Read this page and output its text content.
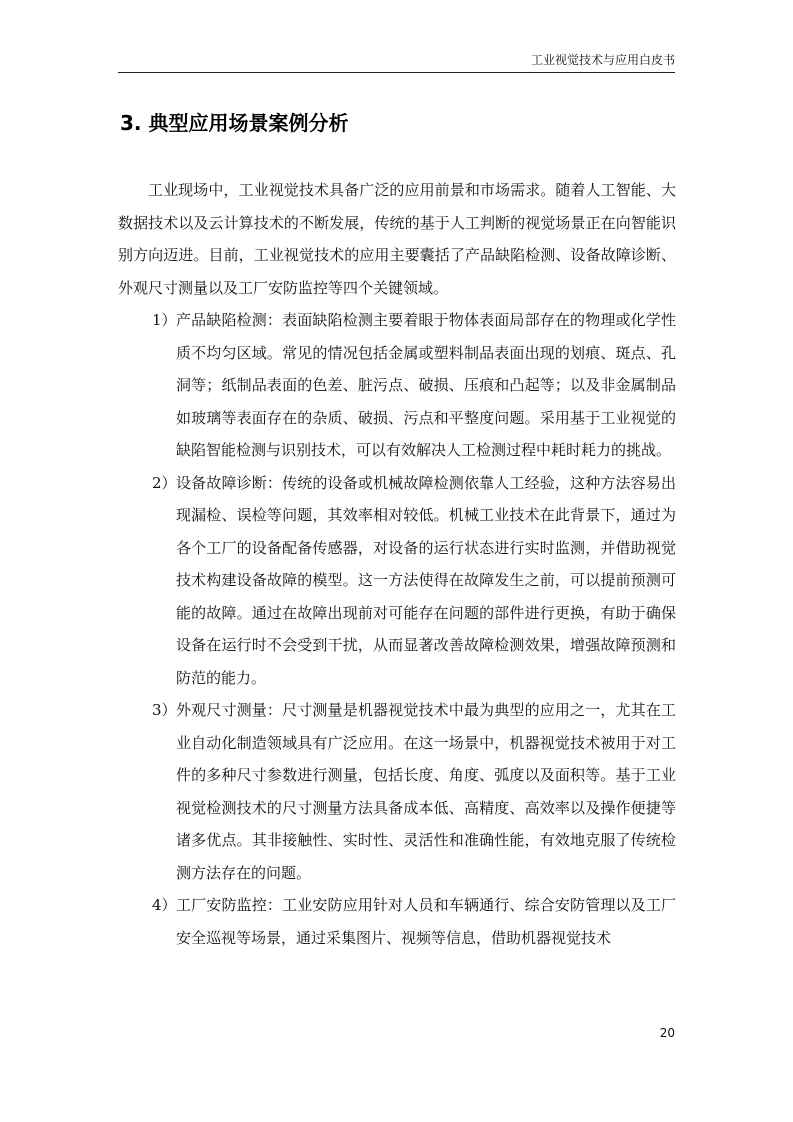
工业视觉技术与应用白皮书
3. 典型应用场景案例分析

工业现场中，工业视觉技术具备广泛的应用前景和市场需求。随着人工智能、大数据技术以及云计算技术的不断发展，传统的基于人工判断的视觉场景正在向智能识别方向迈进。目前，工业视觉技术的应用主要囊括了产品缺陷检测、设备故障诊断、外观尺寸测量以及工厂安防监控等四个关键领域。

1） 产品缺陷检测：表面缺陷检测主要着眼于物体表面局部存在的物理或化学性质不均匀区域。常见的情况包括金属或塑料制品表面出现的划痕、斑点、孔洞等；纸制品表面的色差、脏污点、破损、压痕和凸起等；以及非金属制品如玻璃等表面存在的杂质、破损、污点和平整度问题。采用基于工业视觉的缺陷智能检测与识别技术，可以有效解决人工检测过程中耗时耗力的挑战。
2） 设备故障诊断：传统的设备或机械故障检测依靠人工经验，这种方法容易出现漏检、误检等问题，其效率相对较低。机械工业技术在此背景下，通过为各个工厂的设备配备传感器，对设备的运行状态进行实时监测，并借助视觉技术构建设备故障的模型。这一方法使得在故障发生之前，可以提前预测可能的故障。通过在故障出现前对可能存在问题的部件进行更换，有助于确保设备在运行时不会受到干扰，从而显著改善故障检测效果，增强故障预测和防范的能力。
3） 外观尺寸测量：尺寸测量是机器视觉技术中最为典型的应用之一，尤其在工业自动化制造领域具有广泛应用。在这一场景中，机器视觉技术被用于对工件的多种尺寸参数进行测量，包括长度、角度、弧度以及面积等。基于工业视觉检测技术的尺寸测量方法具备成本低、高精度、高效率以及操作便捷等诸多优点。其非接触性、实时性、灵活性和准确性能，有效地克服了传统检测方法存在的问题。
4） 工厂安防监控：工业安防应用针对人员和车辆通行、综合安防管理以及工厂安全巡视等场景，通过采集图片、视频等信息，借助机器视觉技术
20
